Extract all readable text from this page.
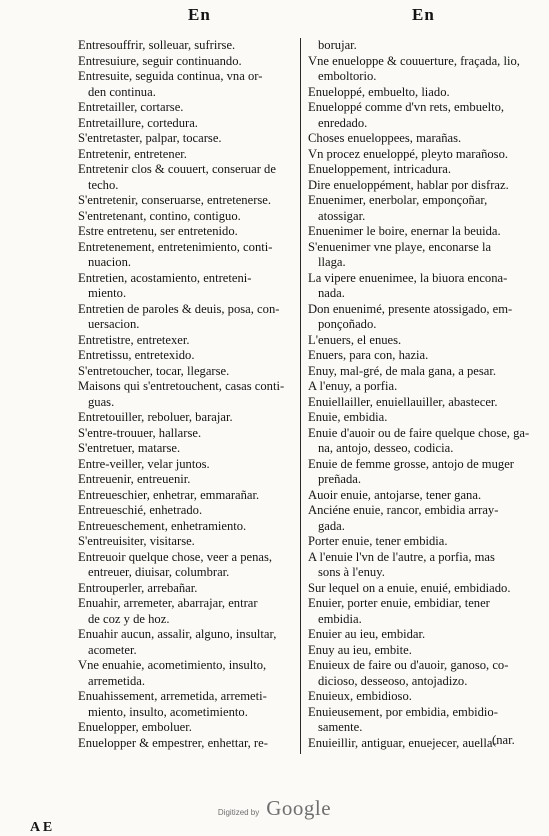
En	En
Entresouffrir, solleuar, sufrirse.
Entresuiure, seguir continuando.
Entresuite, seguida continua, vna or-
den continua.
Entretailler, cortarse.
Entretaillure, cortedura.
S'entretaster, palpar, tocarse.
Entretenir, entretener.
Entretenir clos & couuert, conseruar de
techo.
S'entretenir, conseruarse, entretenerse.
S'entretenant, contino, contiguo.
Estre entretenu, ser entretenido.
Entretenement, entretenimiento, conti-
nuacion.
Entretien, acostamiento, entreteni-
miento.
Entretien de paroles & deuis, posa, con-
uersacion.
Entretistre, entretexer.
Entretissu, entretexido.
S'entretoucher, tocar, llegarse.
Maisons qui s'entretouchent, casas conti-
guas.
Entretouiller, reboluer, barajar.
S'entre-trouuer, hallarse.
S'entretuer, matarse.
Entre-veiller, velar juntos.
Entreuenir, entreuenir.
Entreueschier, enhetrar, emmarañar.
Entreueschié, enhetrado.
Entreueschement, enhetramiento.
S'entreuisiter, visitarse.
Entreuoir quelque chose, veer a penas,
entreuer, diuisar, columbrar.
Entrouperler, arrebañar.
Enuahir, arremeter, abarrajar, entrar
de coz y de hoz.
Enuahir aucun, assalir, alguno, insultar,
acometer.
Vne enuahie, acometimiento, insulto,
arremetida.
Enuahissement, arremetida, arremeti-
miento, insulto, acometimiento.
Enuelopper, emboluer.
Enuelopper & empestrer, enhettar, re-
borujar.
Vne enueloppe & couuerture, fraçada, lio,
emboltorio.
Enueloppé, embuelto, liado.
Enueloppé comme d'vn rets, embuelto,
enredado.
Choses enueloppees, marañas.
Vn procez enueloppé, pleyto marañoso.
Enueloppement, intricadura.
Dire enueloppément, hablar por disfraz.
Enuenimer, enerbolar, emponçoñar,
atossigar.
Enuenimer le boire, enernar la beuida.
S'enuenimer vne playe, enconarse la
llaga.
La vipere enuenimee, la biuora encona-
nada.
Don enuenimé, presente atossigado, em-
ponçoñado.
L'enuers, el enues.
Enuers, para con, hazia.
Enuy, mal-gré, de mala gana, a pesar.
A l'enuy, a porfia.
Enuiellailler, enuiellauiller, abastecer.
Enuie, embidia.
Enuie d'auoir ou de faire quelque chose, ga-
na, antojo, desseo, codicia.
Enuie de femme grosse, antojo de muger
preñada.
Auoir enuie, antojarse, tener gana.
Anciéne enuie, rancor, embidia array-
gada.
Porter enuie, tener embidia.
A l'enuie l'vn de l'autre, a porfia, mas
sons à l'enuy.
Sur lequel on a enuie, enuié, embidiado.
Enuier, porter enuie, embidiar, tener
embidia.
Enuier au ieu, embidar.
Enuy au ieu, embite.
Enuieux de faire ou d'auoir, ganoso, co-
dicioso, desseoso, antojadizo.
Enuieux, embidioso.
Enuieusement, por embidia, embidio-
samente.
Enuieillir, antiguar, enuejecer, auella-
(nar.
Digitized by Google
A E
